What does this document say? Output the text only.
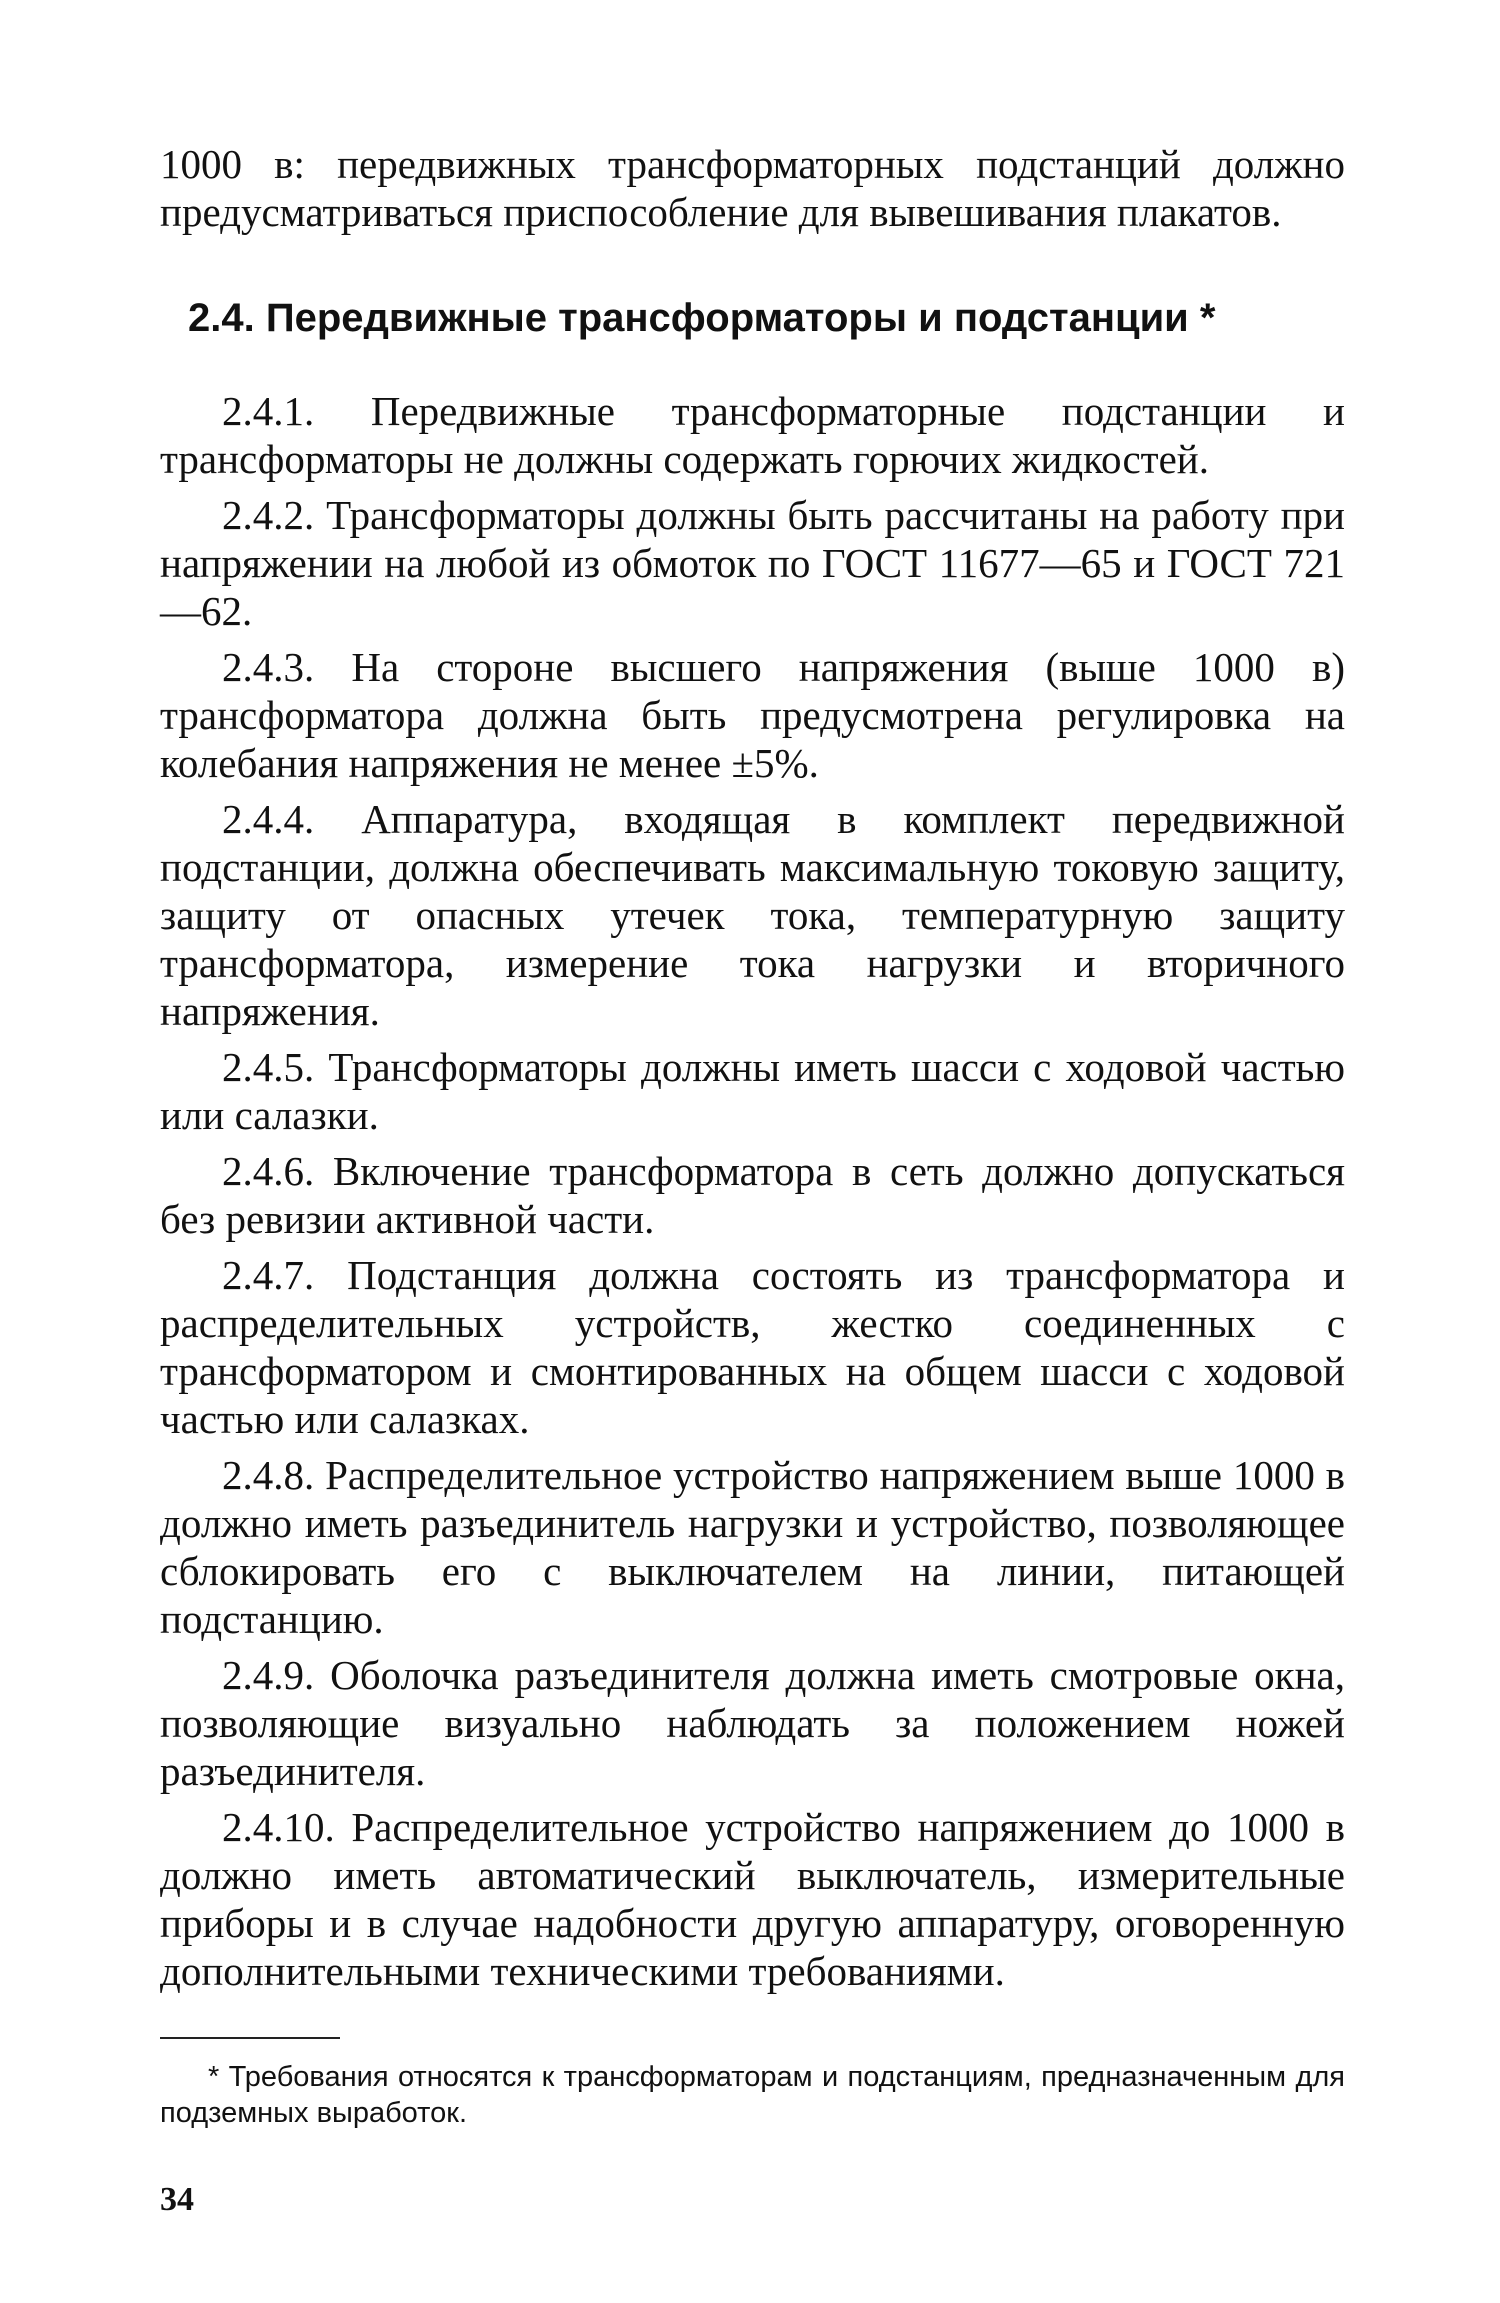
1000 в: передвижных трансформаторных подстанций должно предусматриваться приспособление для вывешивания плакатов.

2.4. Передвижные трансформаторы и подстанции *

2.4.1. Передвижные трансформаторные подстанции и трансформаторы не должны содержать горючих жидкостей.

2.4.2. Трансформаторы должны быть рассчитаны на работу при напряжении на любой из обмоток по ГОСТ 11677—65 и ГОСТ 721—62.

2.4.3. На стороне высшего напряжения (выше 1000 в) трансформатора должна быть предусмотрена регулировка на колебания напряжения не менее ±5%.

2.4.4. Аппаратура, входящая в комплект передвижной подстанции, должна обеспечивать максимальную токовую защиту, защиту от опасных утечек тока, температурную защиту трансформатора, измерение тока нагрузки и вторичного напряжения.

2.4.5. Трансформаторы должны иметь шасси с ходовой частью или салазки.

2.4.6. Включение трансформатора в сеть должно допускаться без ревизии активной части.

2.4.7. Подстанция должна состоять из трансформатора и распределительных устройств, жестко соединенных с трансформатором и смонтированных на общем шасси с ходовой частью или салазках.

2.4.8. Распределительное устройство напряжением выше 1000 в должно иметь разъединитель нагрузки и устройство, позволяющее сблокировать его с выключателем на линии, питающей подстанцию.

2.4.9. Оболочка разъединителя должна иметь смотровые окна, позволяющие визуально наблюдать за положением ножей разъединителя.

2.4.10. Распределительное устройство напряжением до 1000 в должно иметь автоматический выключатель, измерительные приборы и в случае надобности другую аппаратуру, оговоренную дополнительными техническими требованиями.

* Требования относятся к трансформаторам и подстанциям, предназначенным для подземных выработок.

34
